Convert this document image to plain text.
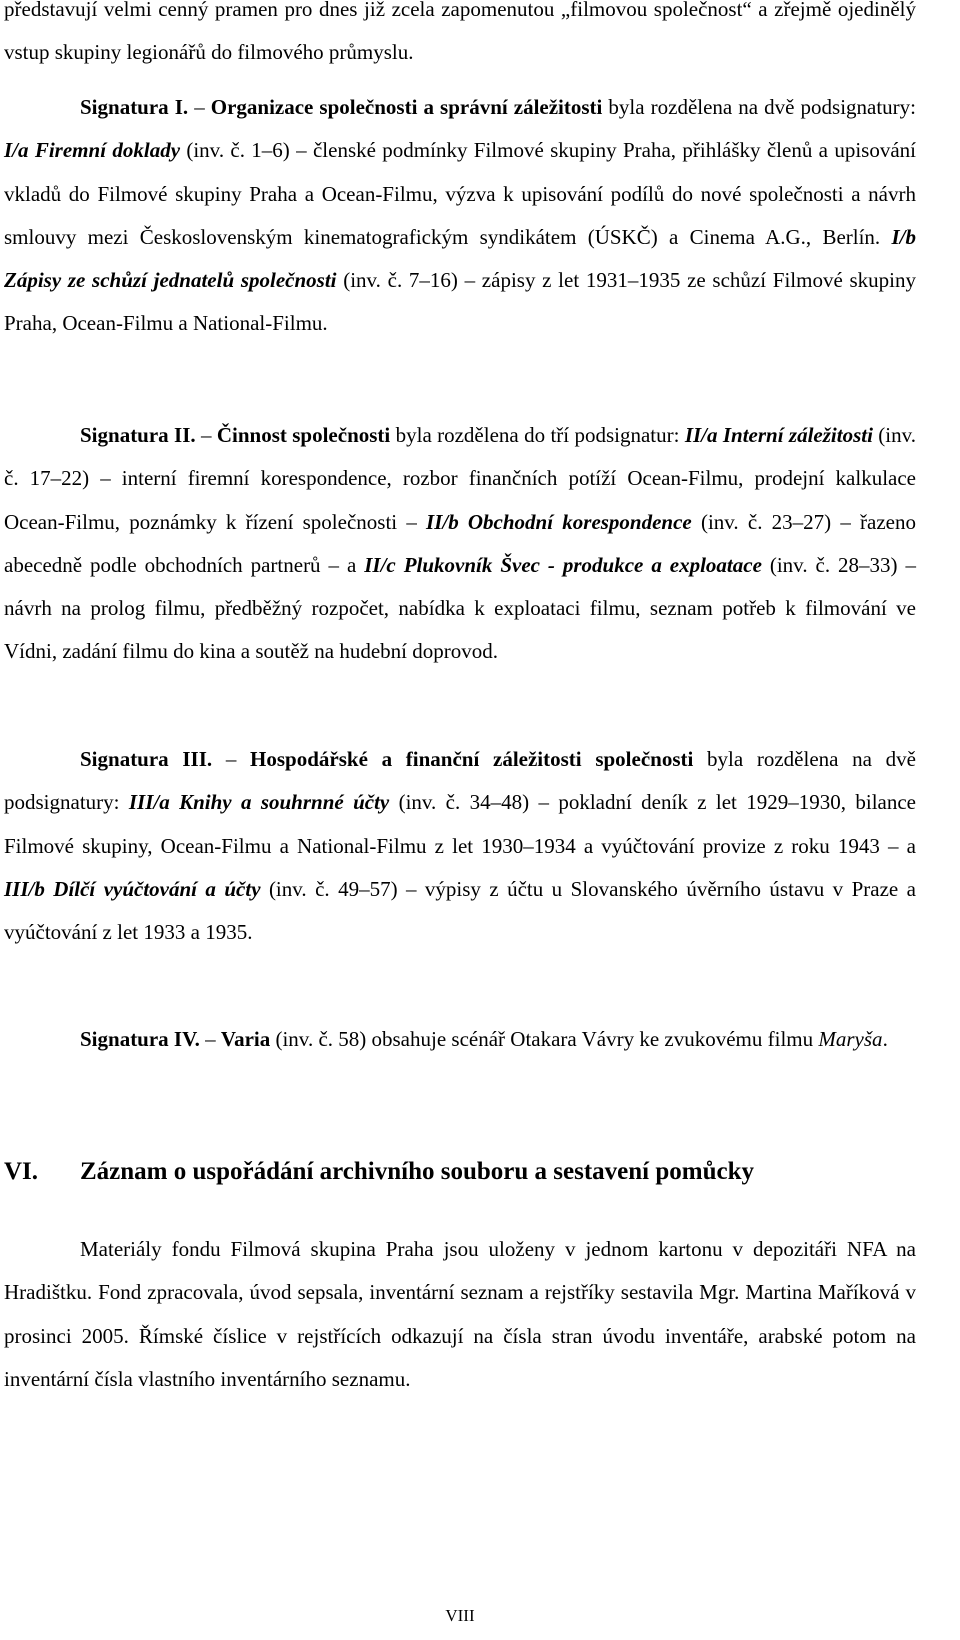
představují velmi cenný pramen pro dnes již zcela zapomenutou „filmovou společnost“ a zřejmě ojedinělý vstup skupiny legionářů do filmového průmyslu.

Signatura I. – Organizace společnosti a správní záležitosti byla rozdělena na dvě podsignatury: I/a Firemní doklady (inv. č. 1–6) – členské podmínky Filmové skupiny Praha, přihlášky členů a upisování vkladů do Filmové skupiny Praha a Ocean-Filmu, výzva k upisování podílů do nové společnosti a návrh smlouvy mezi Československým kinematografickým syndikátem (ÚSKČ) a Cinema A.G., Berlín. I/b Zápisy ze schůzí jednatelů společnosti (inv. č. 7–16) – zápisy z let 1931–1935 ze schůzí Filmové skupiny Praha, Ocean-Filmu a National-Filmu.

Signatura II. – Činnost společnosti byla rozdělena do tří podsignatur: II/a Interní záležitosti (inv. č. 17–22) – interní firemní korespondence, rozbor finančních potíží Ocean-Filmu, prodejní kalkulace Ocean-Filmu, poznámky k řízení společnosti – II/b Obchodní korespondence (inv. č. 23–27) – řazeno abecedně podle obchodních partnerů – a II/c Plukovník Švec - produkce a exploatace (inv. č. 28–33) – návrh na prolog filmu, předběžný rozpočet, nabídka k exploataci filmu, seznam potřeb k filmování ve Vídni, zadání filmu do kina a soutěž na hudební doprovod.

Signatura III. – Hospodářské a finanční záležitosti společnosti byla rozdělena na dvě podsignatury: III/a Knihy a souhrnné účty (inv. č. 34–48) – pokladní deník z let 1929–1930, bilance Filmové skupiny, Ocean-Filmu a National-Filmu z let 1930–1934 a vyúčtování provize z roku 1943 – a III/b Dílčí vyúčtování a účty (inv. č. 49–57) – výpisy z účtu u Slovanského úvěrního ústavu v Praze a vyúčtování z let 1933 a 1935.

Signatura IV. – Varia (inv. č. 58) obsahuje scénář Otakara Vávry ke zvukovému filmu Maryša.

VI. Záznam o uspořádání archivního souboru a sestavení pomůcky

Materiály fondu Filmová skupina Praha jsou uloženy v jednom kartonu v depozitáři NFA na Hradištku. Fond zpracovala, úvod sepsala, inventární seznam a rejstříky sestavila Mgr. Martina Maříková v prosinci 2005. Římské číslice v rejstřících odkazují na čísla stran úvodu inventáře, arabské potom na inventární čísla vlastního inventárního seznamu.

VIII
